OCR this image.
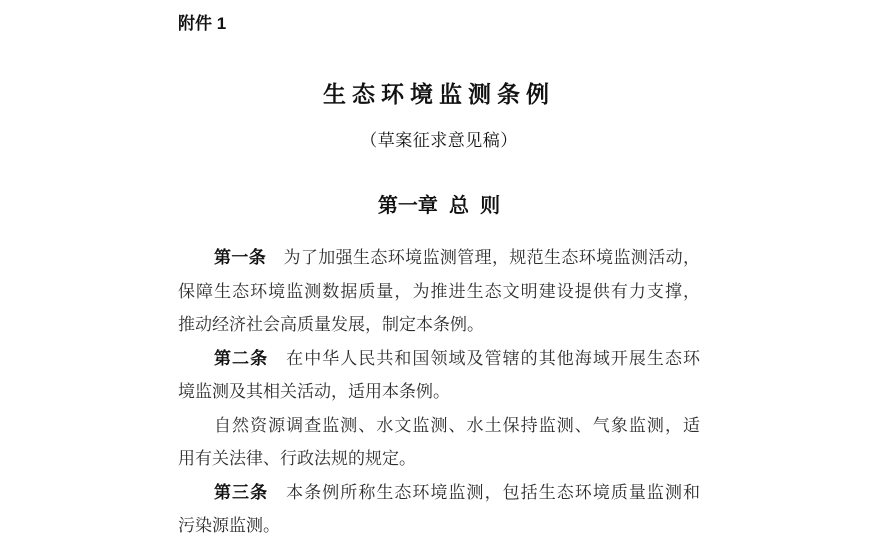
附件 1
生态环境监测条例
（草案征求意见稿）
第一章  总  则
第一条 为了加强生态环境监测管理，规范生态环境监测活动，
保障生态环境监测数据质量，为推进生态文明建设提供有力支撑，
推动经济社会高质量发展，制定本条例。
第二条 在中华人民共和国领域及管辖的其他海域开展生态环
境监测及其相关活动，适用本条例。
自然资源调查监测、水文监测、水土保持监测、气象监测，适
用有关法律、行政法规的规定。
第三条 本条例所称生态环境监测，包括生态环境质量监测和
污染源监测。
